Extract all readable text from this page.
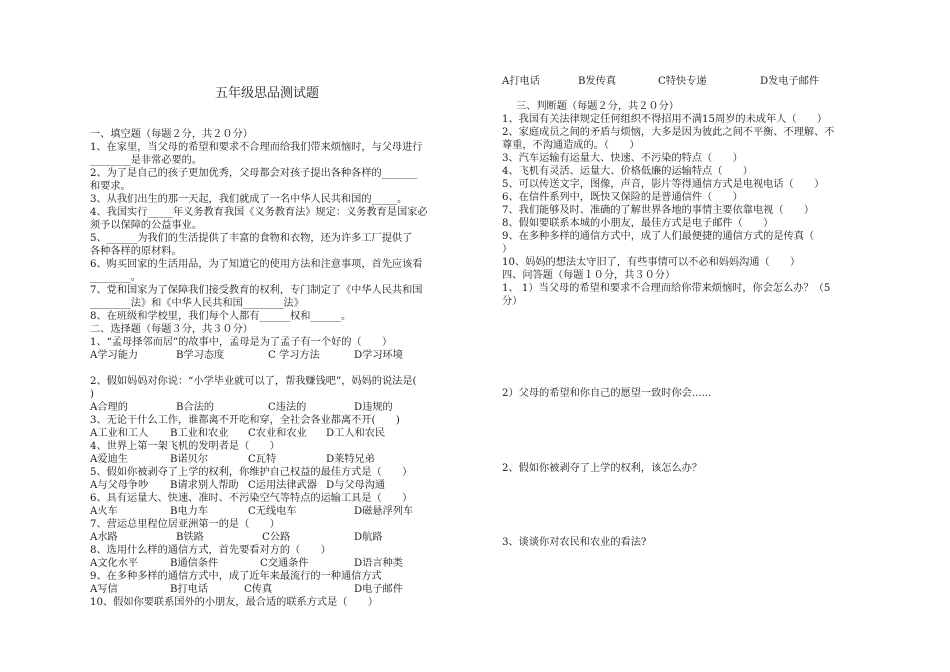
五年级思品测试题
一、填空题（每题２分，共２０分）
1、在家里，当父母的希望和要求不合理而给我们带来烦恼时，与父母进行
________是非常必要的。
2、为了是自己的孩子更加优秀，父母都会对孩子提出各种各样的_______
和要求。
3、从我们出生的那一天起，我们就成了一名中华人民共和国的_____。
4、我国实行_____年义务教育我国《义务教育法》规定：义务教育是国家必
须予以保障的公益事业。
5、______为我们的生活提供了丰富的食物和衣物，还为许多工厂提供了
各种各样的原材料。
6、购买回家的生活用品，为了知道它的使用方法和注意事项，首先应该看
________。
7、党和国家为了保障我们接受教育的权利，专门制定了《中华人民共和国
________法》和《中华人民共和国________法》
8、在班级和学校里，我们每个人都有______权和______。
二、选择题（每题３分，共３０分）
1、“孟母择邻而居”的故事中，孟母是为了孟子有一个好的（　　）
A学习能力	B学习态度	C 学习方法	D学习环境
2、假如妈妈对你说：“小学毕业就可以了，帮我赚钱吧”，妈妈的说法是(
)
A合理的	B合法的	C违法的	D违规的
3、无论干什么工作，谁都离不开吃和穿，全社会各业都离不开(　　)
A工业和工人 B工业和农业 C农业和农业 D工人和农民
4、世界上第一架飞机的发明者是（　　）
A爱迪生	B诺贝尔	C瓦特	D莱特兄弟
5、假如你被剥夺了上学的权利，你维护自己权益的最佳方式是（　　）
A与父母争吵 B请求别人帮助 C运用法律武器 D与父母沟通
6、具有运量大、快速、准时、不污染空气等特点的运输工具是（　　）
A火车	B电力车	C无线电车	D磁悬浮列车
7、营运总里程位居亚洲第一的是（　　）
A水路	B铁路	C公路	D航路
8、选用什么样的通信方式，首先要看对方的（　　）
A文化水平	B通信条件	C交通条件	D语言种类
9、在多种多样的通信方式中，成了近年来最流行的一种通信方式
A写信	B打电话	C传真	D电子邮件
10、假如你要联系国外的小朋友，最合适的联系方式是（　　）
A打电话	B发传真	C特快专递	D发电子邮件
三、判断题（每题２分，共２０分）
1、我国有关法律规定任何组织不得招用不满15周岁的未成年人（　　）
2、家庭成员之间的矛盾与烦恼，大多是因为彼此之间不平衡、不理解、不
尊重，不沟通造成的。（　　）
3、汽车运输有运量大、快速、不污染的特点（　　）
4、飞机有灵活、运量大、价格低廉的运输特点（　　）
5、可以传送文字，图像，声音，影片等得通信方式是电视电话（　　）
6、在信件系列中，既快又保险的是普通信件（　　）
7、我们能够及时、准确的了解世界各地的事情主要依靠电视（　　）
8、假如要联系本城的小朋友，最佳方式是电子邮件（　　）
9、在多种多样的通信方式中，成了人们最便捷的通信方式的是传真（
）
10、妈妈的想法太守旧了，有些事情可以不必和妈妈沟通（　　）
四、问答题（每题１０分，共３０分）
1、 1）当父母的希望和要求不合理而给你带来烦恼时，你会怎么办？（5
分）
2）父母的希望和你自己的愿望一致时你会......
2、假如你被剥夺了上学的权利，该怎么办？
3、谈谈你对农民和农业的看法?
